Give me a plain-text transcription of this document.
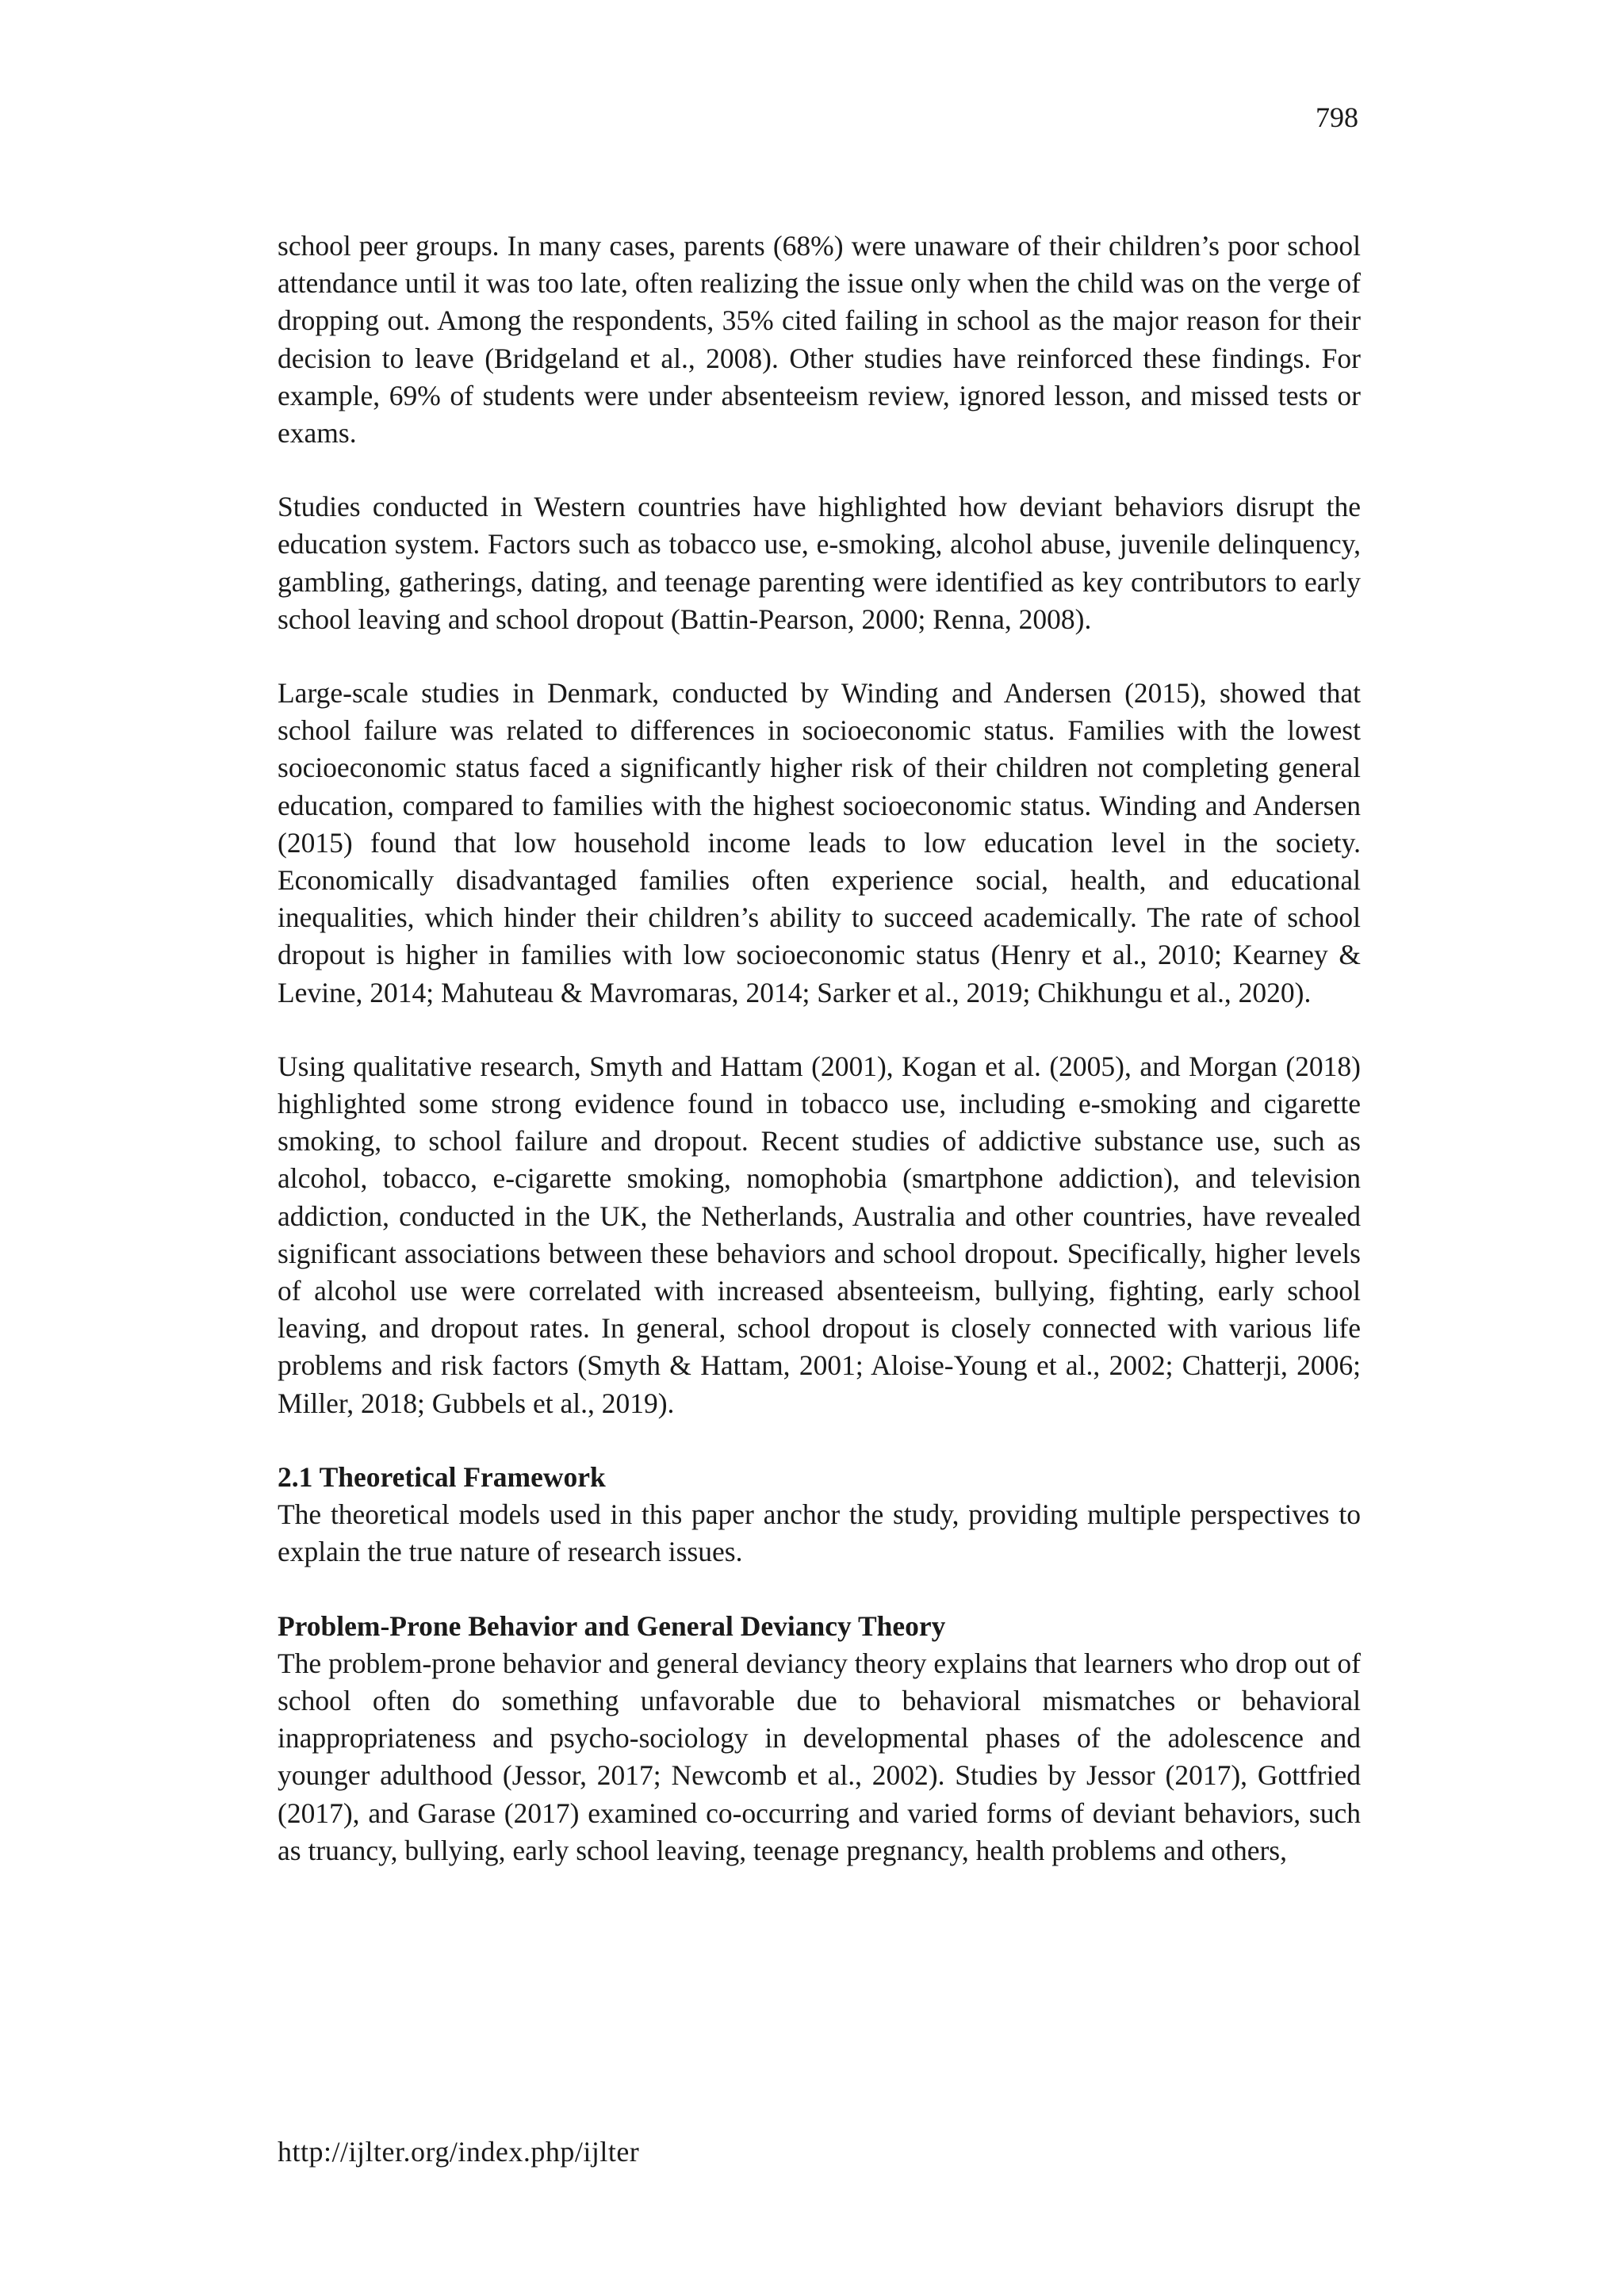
798

school peer groups. In many cases, parents (68%) were unaware of their children’s poor school attendance until it was too late, often realizing the issue only when the child was on the verge of dropping out. Among the respondents, 35% cited failing in school as the major reason for their decision to leave (Bridgeland et al., 2008). Other studies have reinforced these findings. For example, 69% of students were under absenteeism review, ignored lesson, and missed tests or exams.

Studies conducted in Western countries have highlighted how deviant behaviors disrupt the education system. Factors such as tobacco use, e-smoking, alcohol abuse, juvenile delinquency, gambling, gatherings, dating, and teenage parenting were identified as key contributors to early school leaving and school dropout (Battin-Pearson, 2000; Renna, 2008).

Large-scale studies in Denmark, conducted by Winding and Andersen (2015), showed that school failure was related to differences in socioeconomic status. Families with the lowest socioeconomic status faced a significantly higher risk of their children not completing general education, compared to families with the highest socioeconomic status. Winding and Andersen (2015) found that low household income leads to low education level in the society. Economically disadvantaged families often experience social, health, and educational inequalities, which hinder their children’s ability to succeed academically. The rate of school dropout is higher in families with low socioeconomic status (Henry et al., 2010; Kearney & Levine, 2014; Mahuteau & Mavromaras, 2014; Sarker et al., 2019; Chikhungu et al., 2020).

Using qualitative research, Smyth and Hattam (2001), Kogan et al. (2005), and Morgan (2018) highlighted some strong evidence found in tobacco use, including e-smoking and cigarette smoking, to school failure and dropout. Recent studies of addictive substance use, such as alcohol, tobacco, e-cigarette smoking, nomophobia (smartphone addiction), and television addiction, conducted in the UK, the Netherlands, Australia and other countries, have revealed significant associations between these behaviors and school dropout. Specifically, higher levels of alcohol use were correlated with increased absenteeism, bullying, fighting, early school leaving, and dropout rates. In general, school dropout is closely connected with various life problems and risk factors (Smyth & Hattam, 2001; Aloise-Young et al., 2002; Chatterji, 2006; Miller, 2018; Gubbels et al., 2019).

2.1 Theoretical Framework

The theoretical models used in this paper anchor the study, providing multiple perspectives to explain the true nature of research issues.

Problem-Prone Behavior and General Deviancy Theory

The problem-prone behavior and general deviancy theory explains that learners who drop out of school often do something unfavorable due to behavioral mismatches or behavioral inappropriateness and psycho-sociology in developmental phases of the adolescence and younger adulthood (Jessor, 2017; Newcomb et al., 2002). Studies by Jessor (2017), Gottfried (2017), and Garase (2017) examined co-occurring and varied forms of deviant behaviors, such as truancy, bullying, early school leaving, teenage pregnancy, health problems and others,

http://ijlter.org/index.php/ijlter
